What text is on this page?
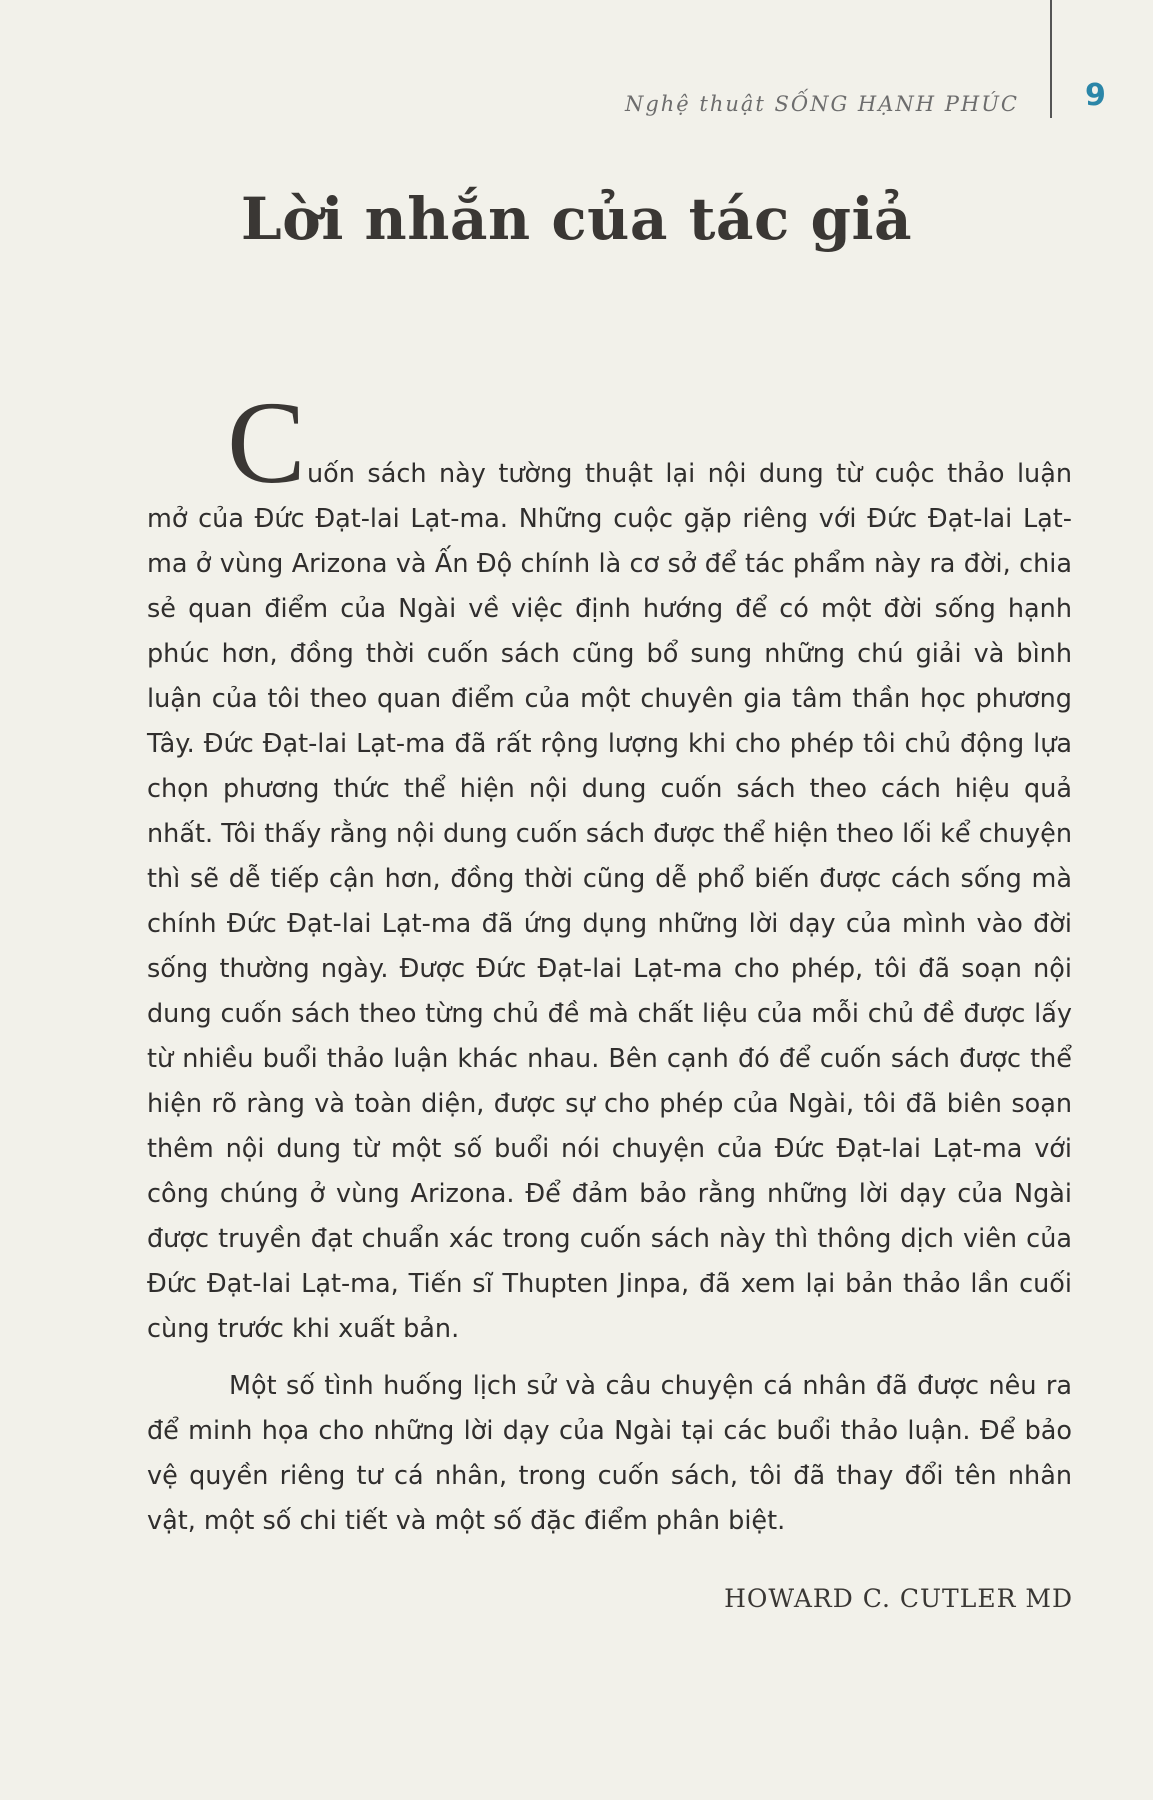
Nghệ thuật SỐNG HẠNH PHÚC 9
Lời nhắn của tác giả

C uốn sách này tường thuật lại nội dung từ cuộc thảo luận mở của Đức Đạt-lai Lạt-ma. Những cuộc gặp riêng với Đức Đạt-lai Lạt-ma ở vùng Arizona và Ấn Độ chính là cơ sở để tác phẩm này ra đời, chia sẻ quan điểm của Ngài về việc định hướng để có một đời sống hạnh phúc hơn, đồng thời cuốn sách cũng bổ sung những chú giải và bình luận của tôi theo quan điểm của một chuyên gia tâm thần học phương Tây. Đức Đạt-lai Lạt-ma đã rất rộng lượng khi cho phép tôi chủ động lựa chọn phương thức thể hiện nội dung cuốn sách theo cách hiệu quả nhất. Tôi thấy rằng nội dung cuốn sách được thể hiện theo lối kể chuyện thì sẽ dễ tiếp cận hơn, đồng thời cũng dễ phổ biến được cách sống mà chính Đức Đạt-lai Lạt-ma đã ứng dụng những lời dạy của mình vào đời sống thường ngày. Được Đức Đạt-lai Lạt-ma cho phép, tôi đã soạn nội dung cuốn sách theo từng chủ đề mà chất liệu của mỗi chủ đề được lấy từ nhiều buổi thảo luận khác nhau. Bên cạnh đó để cuốn sách được thể hiện rõ ràng và toàn diện, được sự cho phép của Ngài, tôi đã biên soạn thêm nội dung từ một số buổi nói chuyện của Đức Đạt-lai Lạt-ma với công chúng ở vùng Arizona. Để đảm bảo rằng những lời dạy của Ngài được truyền đạt chuẩn xác trong cuốn sách này thì thông dịch viên của Đức Đạt-lai Lạt-ma, Tiến sĩ Thupten Jinpa, đã xem lại bản thảo lần cuối cùng trước khi xuất bản.

Một số tình huống lịch sử và câu chuyện cá nhân đã được nêu ra để minh họa cho những lời dạy của Ngài tại các buổi thảo luận. Để bảo vệ quyền riêng tư cá nhân, trong cuốn sách, tôi đã thay đổi tên nhân vật, một số chi tiết và một số đặc điểm phân biệt.

HOWARD C. CUTLER MD
